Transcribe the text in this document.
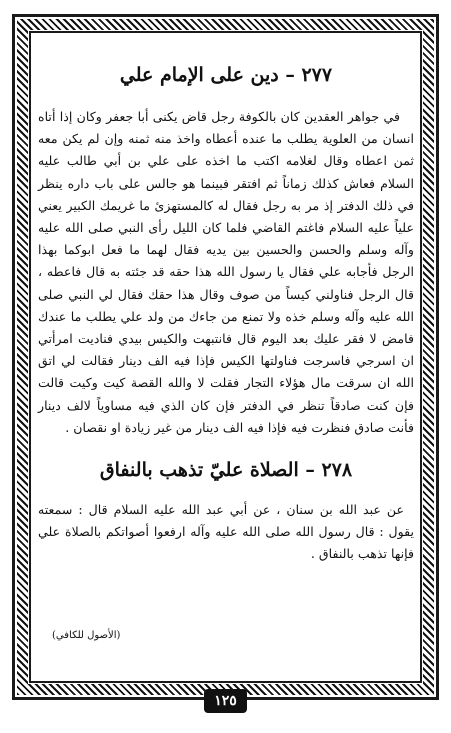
٢٧٧ – دين على الإمام علي

في جواهر العقدين كان بالكوفة رجل قاض يكنى أبا جعفر وكان إذا أتاه انسان من العلوية يطلب ما عنده أعطاه واخذ منه ثمنه وإن لم يكن معه ثمن اعطاه وقال لغلامه اكتب ما اخذه على علي بن أبي طالب عليه السلام فعاش كذلك زماناً ثم افتقر فبينما هو جالس على باب داره ينظر في ذلك الدفتر إذ مر به رجل فقال له كالمستهزئ ما غريمك الكبير يعني علياً عليه السلام فاغتم القاضي فلما كان الليل رأى النبي صلى الله عليه وآله وسلم والحسن والحسين بين يديه فقال لهما ما فعل ابوكما بهذا الرجل فأجابه علي فقال يا رسول الله هذا حقه قد جئته به قال فاعطه ، قال الرجل فناولني كيساً من صوف وقال هذا حقك فقال لي النبي صلى الله عليه وآله وسلم خذه ولا تمنع من جاءك من ولد علي يطلب ما عندك فامض لا فقر عليك بعد اليوم قال فانتبهت والكيس بيدي فناديت امرأتي ان اسرجي فاسرجت فناولتها الكيس فإذا فيه الف دينار فقالت لي اتق الله ان سرقت مال هؤلاء التجار فقلت لا والله القصة كيت وكيت قالت فإن كنت صادقاً تنظر في الدفتر فإن كان الذي فيه مساوياً لالف دينار فأنت صادق فنظرت فيه فإذا فيه الف دينار من غير زيادة او نقصان .

٢٧٨ – الصلاة عليّ تذهب بالنفاق

عن عبد الله بن سنان ، عن أبي عبد الله عليه السلام قال : سمعته يقول : قال رسول الله صلى الله عليه وآله ارفعوا أصواتكم بالصلاة علي فإنها تذهب بالنفاق .

(الأصول للكافي)
١٢٥
